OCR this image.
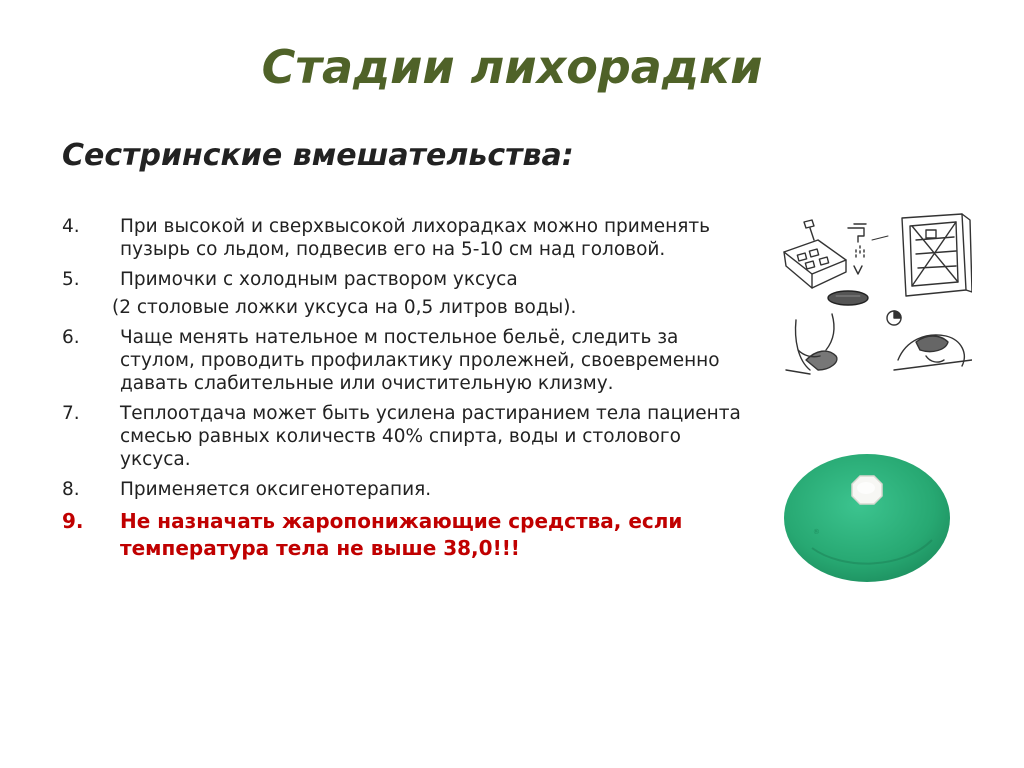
Стадии лихорадки
Сестринские вмешательства:
4.	При высокой и сверхвысокой лихорадках можно применять пузырь со льдом, подвесив его на 5-10 см над головой.
5.	Примочки с холодным раствором уксуса
(2 столовые ложки уксуса на 0,5 литров воды).
6.	Чаще менять нательное м постельное бельё, следить за стулом, проводить профилактику пролежней, своевременно давать слабительные или очистительную клизму.
7.	Теплоотдача может быть усилена растиранием тела пациента смесью равных количеств 40% спирта, воды и столового уксуса.
8.	Применяется оксигенотерапия.
9.	Не назначать жаропонижающие средства, если температура тела не выше 38,0!!!
®
